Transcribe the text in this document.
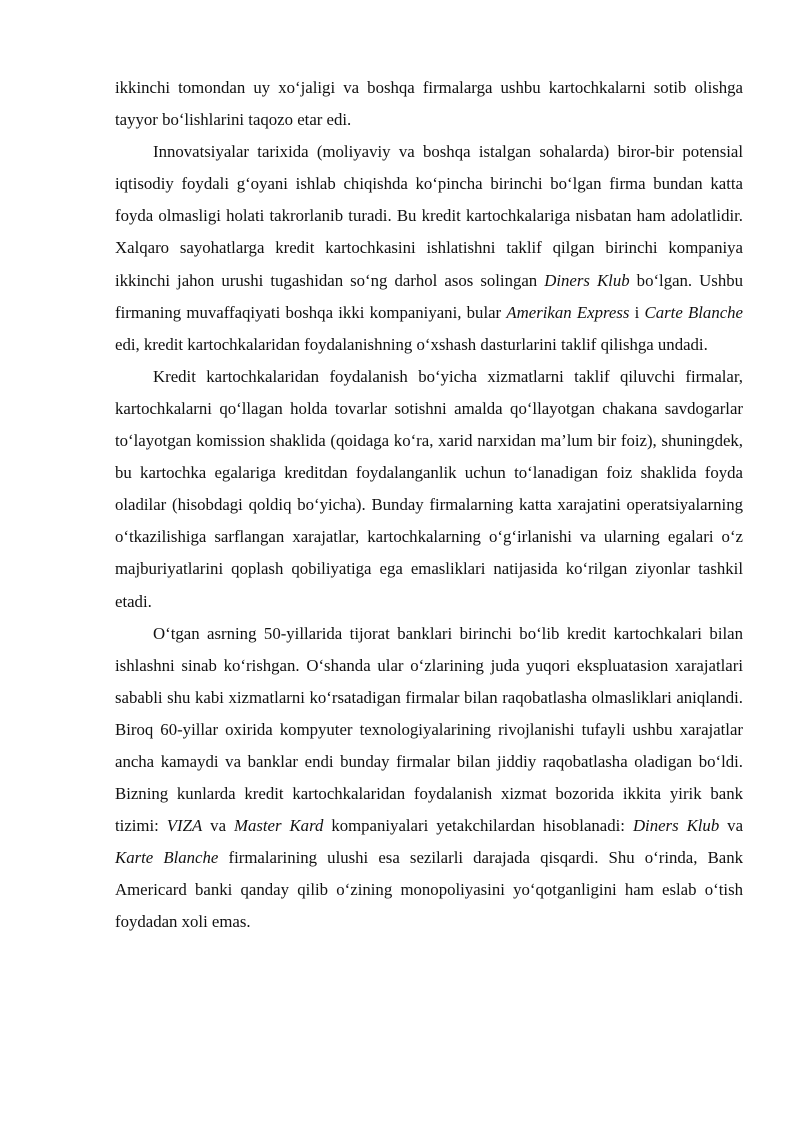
ikkinchi tomondan uy xo‘jaligi va boshqa firmalarga ushbu kartochkalarni sotib olishga tayyor bo‘lishlarini taqozo etar edi.

Innovatsiyalar tarixida (moliyaviy va boshqa istalgan sohalarda) biror-bir potensial iqtisodiy foydali g‘oyani ishlab chiqishda ko‘pincha birinchi bo‘lgan firma bundan katta foyda olmasligi holati takrorlanib turadi. Bu kredit kartochkalariga nisbatan ham adolatlidir. Xalqaro sayohatlarga kredit kartochkasini ishlatishni taklif qilgan birinchi kompaniya ikkinchi jahon urushi tugashidan so‘ng darhol asos solingan Diners Klub bo‘lgan. Ushbu firmaning muvaffaqiyati boshqa ikki kompaniyani, bular Amerikan Express i Carte Blanche edi, kredit kartochkalaridan foydalanishning o‘xshash dasturlarini taklif qilishga undadi.

Kredit kartochkalaridan foydalanish bo‘yicha xizmatlarni taklif qiluvchi firmalar, kartochkalarni qo‘llagan holda tovarlar sotishni amalda qo‘llayotgan chakana savdogarlar to‘layotgan komission shaklida (qoidaga ko‘ra, xarid narxidan ma’lum bir foiz), shuningdek, bu kartochka egalariga kreditdan foydalanganlik uchun to‘lanadigan foiz shaklida foyda oladilar (hisobdagi qoldiq bo‘yicha). Bunday firmalarning katta xarajatini operatsiyalarning o‘tkazilishiga sarflangan xarajatlar, kartochkalarning o‘g‘irlanishi va ularning egalari o‘z majburiyatlarini qoplash qobiliyatiga ega emasliklari natijasida ko‘rilgan ziyonlar tashkil etadi.

O‘tgan asrning 50-yillarida tijorat banklari birinchi bo‘lib kredit kartochkalari bilan ishlashni sinab ko‘rishgan. O‘shanda ular o‘zlarining juda yuqori ekspluatasion xarajatlari sababli shu kabi xizmatlarni ko‘rsatadigan firmalar bilan raqobatlasha olmasliklari aniqlandi. Biroq 60-yillar oxirida kompyuter texnologiyalarining rivojlanishi tufayli ushbu xarajatlar ancha kamaydi va banklar endi bunday firmalar bilan jiddiy raqobatlasha oladigan bo‘ldi. Bizning kunlarda kredit kartochkalaridan foydalanish xizmat bozorida ikkita yirik bank tizimi: VIZA va Master Kard kompaniyalari yetakchilardan hisoblanadi: Diners Klub va Karte Blanche firmalarining ulushi esa sezilarli darajada qisqardi. Shu o‘rinda, Bank Americard banki qanday qilib o‘zining monopoliyasini yo‘qotganligini ham eslab o‘tish foydadan xoli emas.
